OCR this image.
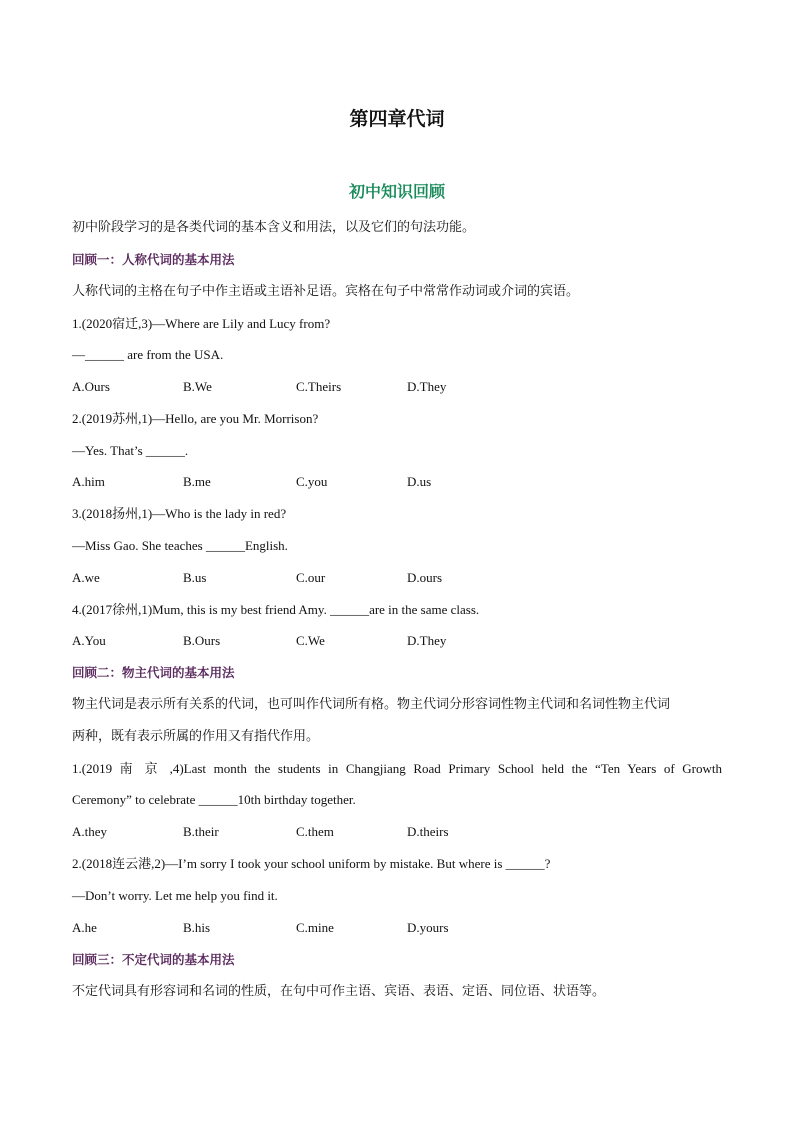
第四章代词
初中知识回顾
初中阶段学习的是各类代词的基本含义和用法，以及它们的句法功能。
回顾一：人称代词的基本用法
人称代词的主格在句子中作主语或主语补足语。宾格在句子中常常作动词或介词的宾语。
1.(2020宿迁,3)—Where are Lily and Lucy from?
—______ are from the USA.
A.Ours	B.We	C.Theirs	D.They
2.(2019苏州,1)—Hello, are you Mr. Morrison?
—Yes. That’s ______.
A.him	B.me	C.you	D.us
3.(2018扬州,1)—Who is the lady in red?
—Miss Gao. She teaches ______English.
A.we	B.us	C.our	D.ours
4.(2017徐州,1)Mum, this is my best friend Amy. ______are in the same class.
A.You	B.Ours	C.We	D.They
回顾二：物主代词的基本用法
物主代词是表示所有关系的代词，也可叫作代词所有格。物主代词分形容词性物主代词和名词性物主代词
两种，既有表示所属的作用又有指代作用。
1.(2019 南 京 ,4)Last month the students in Changjiang Road Primary School held the “Ten Years of Growth
Ceremony” to celebrate ______10th birthday together.
A.they	B.their	C.them	D.theirs
2.(2018连云港,2)—I’m sorry I took your school uniform by mistake. But where is ______?
—Don’t worry. Let me help you find it.
A.he	B.his	C.mine	D.yours
回顾三：不定代词的基本用法
不定代词具有形容词和名词的性质，在句中可作主语、宾语、表语、定语、同位语、状语等。
